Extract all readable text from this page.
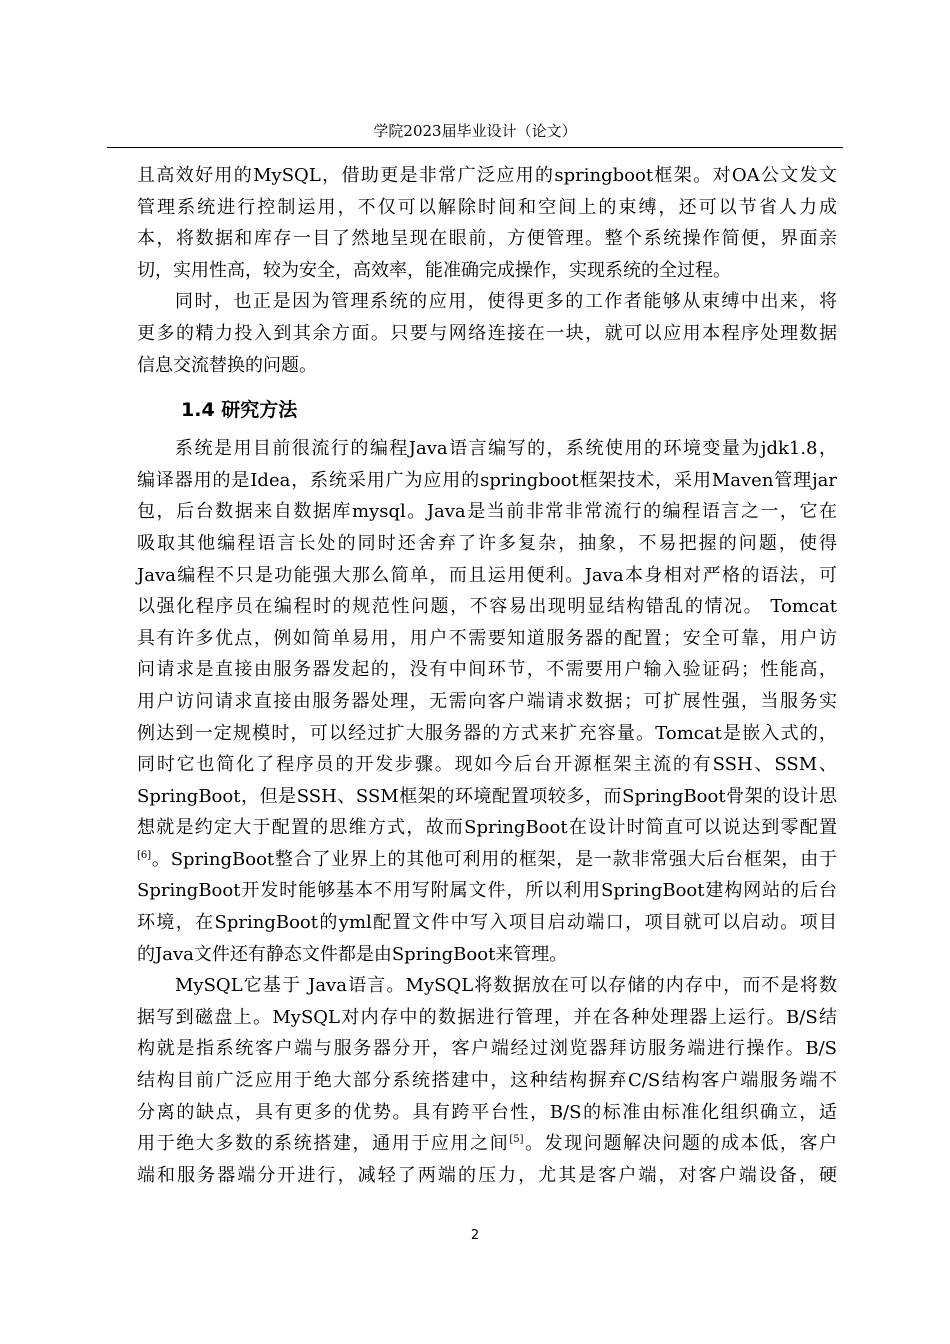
学院2023届毕业设计（论文）
且高效好用的MySQL，借助更是非常广泛应用的springboot框架。对OA公文发文
管理系统进行控制运用，不仅可以解除时间和空间上的束缚，还可以节省人力成
本，将数据和库存一目了然地呈现在眼前，方便管理。整个系统操作简便，界面亲
切，实用性高，较为安全，高效率，能准确完成操作，实现系统的全过程。
同时，也正是因为管理系统的应用，使得更多的工作者能够从束缚中出来，将
更多的精力投入到其余方面。只要与网络连接在一块，就可以应用本程序处理数据
信息交流替换的问题。
1.4 研究方法
系统是用目前很流行的编程Java语言编写的，系统使用的环境变量为jdk1.8，
编译器用的是Idea，系统采用广为应用的springboot框架技术，采用Maven管理jar
包，后台数据来自数据库mysql。Java是当前非常非常流行的编程语言之一，它在
吸取其他编程语言长处的同时还舍弃了许多复杂，抽象，不易把握的问题，使得
Java编程不只是功能强大那么简单，而且运用便利。Java本身相对严格的语法，可
以强化程序员在编程时的规范性问题，不容易出现明显结构错乱的情况。 Tomcat
具有许多优点，例如简单易用，用户不需要知道服务器的配置；安全可靠，用户访
问请求是直接由服务器发起的，没有中间环节，不需要用户输入验证码；性能高，
用户访问请求直接由服务器处理，无需向客户端请求数据；可扩展性强，当服务实
例达到一定规模时，可以经过扩大服务器的方式来扩充容量。Tomcat是嵌入式的，
同时它也简化了程序员的开发步骤。现如今后台开源框架主流的有SSH、SSM、
SpringBoot，但是SSH、SSM框架的环境配置项较多，而SpringBoot骨架的设计思
想就是约定大于配置的思维方式，故而SpringBoot在设计时简直可以说达到零配置
[6]。SpringBoot整合了业界上的其他可利用的框架，是一款非常强大后台框架，由于
SpringBoot开发时能够基本不用写附属文件，所以利用SpringBoot建构网站的后台
环境，在SpringBoot的yml配置文件中写入项目启动端口，项目就可以启动。项目
的Java文件还有静态文件都是由SpringBoot来管理。
MySQL它基于 Java语言。MySQL将数据放在可以存储的内存中，而不是将数
据写到磁盘上。MySQL对内存中的数据进行管理，并在各种处理器上运行。B/S结
构就是指系统客户端与服务器分开，客户端经过浏览器拜访服务端进行操作。B/S
结构目前广泛应用于绝大部分系统搭建中，这种结构摒弃C/S结构客户端服务端不
分离的缺点，具有更多的优势。具有跨平台性，B/S的标准由标准化组织确立，适
用于绝大多数的系统搭建，通用于应用之间[5]。发现问题解决问题的成本低，客户
端和服务器端分开进行，减轻了两端的压力，尤其是客户端，对客户端设备，硬
2
